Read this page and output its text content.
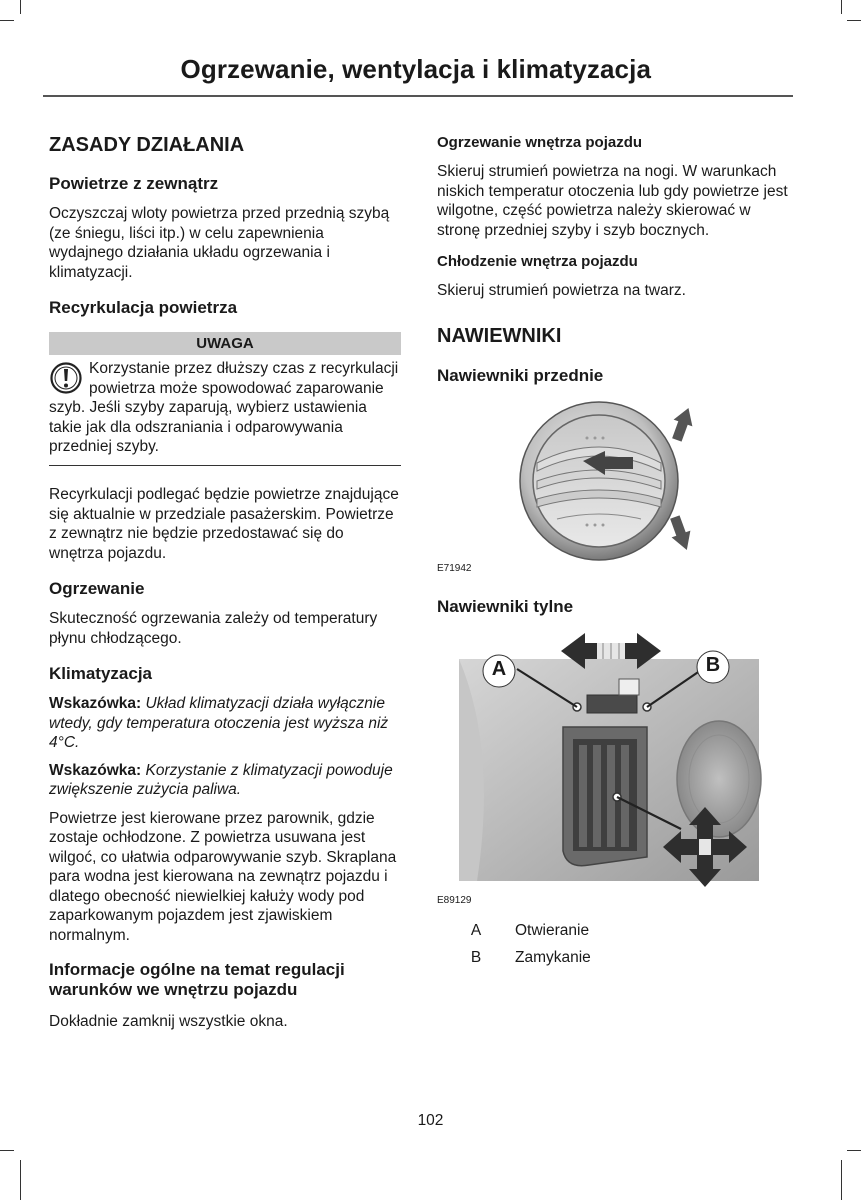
Ogrzewanie, wentylacja i klimatyzacja
ZASADY DZIAŁANIA
Powietrze z zewnątrz

Oczyszczaj wloty powietrza przed przednią szybą (ze śniegu, liści itp.) w celu zapewnienia wydajnego działania układu ogrzewania i klimatyzacji.

Recyrkulacja powietrza
UWAGA
Korzystanie przez dłuższy czas z recyrkulacji powietrza może spowodować zaparowanie szyb. Jeśli szyby zaparują, wybierz ustawienia takie jak dla odszraniania i odparowywania przedniej szyby.

Recyrkulacji podlegać będzie powietrze znajdujące się aktualnie w przedziale pasażerskim. Powietrze z zewnątrz nie będzie przedostawać się do wnętrza pojazdu.

Ogrzewanie

Skuteczność ogrzewania zależy od temperatury płynu chłodzącego.

Klimatyzacja

Wskazówka: Układ klimatyzacji działa wyłącznie wtedy, gdy temperatura otoczenia jest wyższa niż 4°C.

Wskazówka: Korzystanie z klimatyzacji powoduje zwiększenie zużycia paliwa.

Powietrze jest kierowane przez parownik, gdzie zostaje ochłodzone. Z powietrza usuwana jest wilgoć, co ułatwia odparowywanie szyb. Skraplana para wodna jest kierowana na zewnątrz pojazdu i dlatego obecność niewielkiej kałuży wody pod zaparkowanym pojazdem jest zjawiskiem normalnym.

Informacje ogólne na temat regulacji warunków we wnętrzu pojazdu

Dokładnie zamknij wszystkie okna.

Ogrzewanie wnętrza pojazdu

Skieruj strumień powietrza na nogi. W warunkach niskich temperatur otoczenia lub gdy powietrze jest wilgotne, część powietrza należy skierować w stronę przedniej szyby i szyb bocznych.

Chłodzenie wnętrza pojazdu

Skieruj strumień powietrza na twarz.

NAWIEWNIKI
Nawiewniki przednie
E71942
Nawiewniki tylne
A	B
E89129
A	Otwieranie
B	Zamykanie
102
